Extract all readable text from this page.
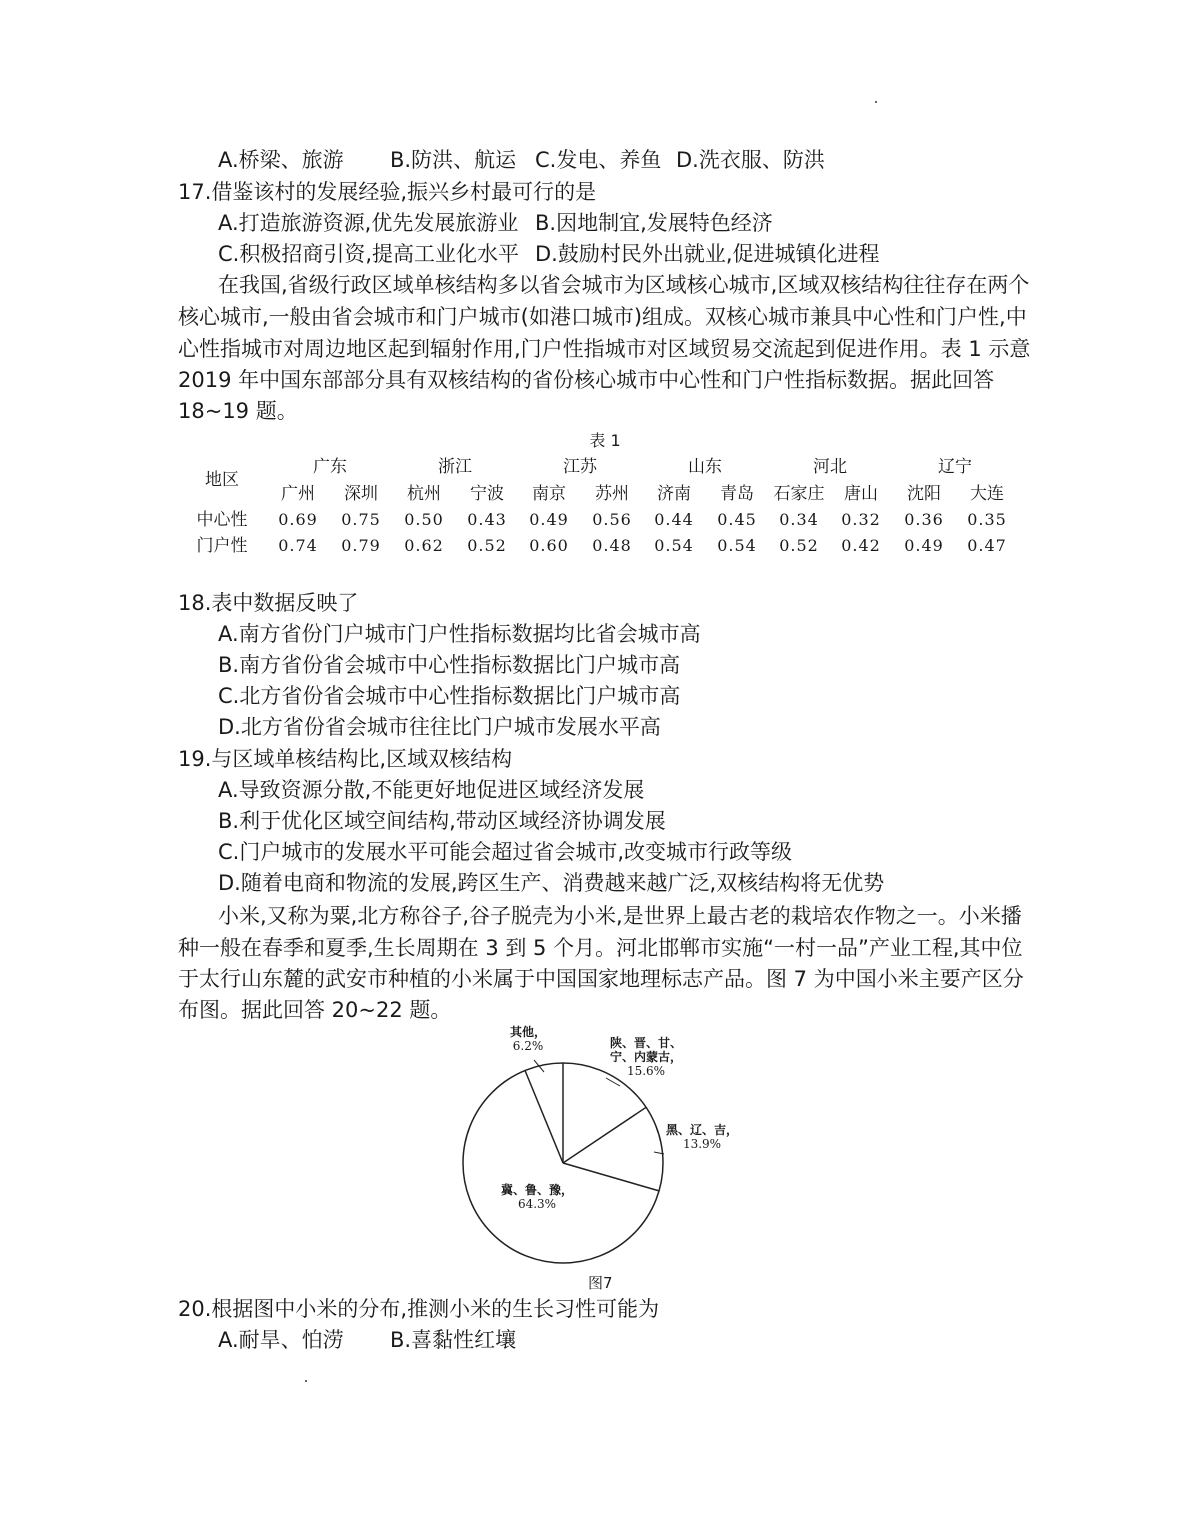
A.桥梁、旅游 B.防洪、航运 C.发电、养鱼 D.洗衣服、防洪
17.借鉴该村的发展经验,振兴乡村最可行的是
A.打造旅游资源,优先发展旅游业 B.因地制宜,发展特色经济
C.积极招商引资,提高工业化水平 D.鼓励村民外出就业,促进城镇化进程
在我国,省级行政区域单核结构多以省会城市为区域核心城市,区域双核结构往往存在两个
核心城市,一般由省会城市和门户城市(如港口城市)组成。双核心城市兼具中心性和门户性,中
心性指城市对周边地区起到辐射作用,门户性指城市对区域贸易交流起到促进作用。表 1 示意
2019 年中国东部部分具有双核结构的省份核心城市中心性和门户性指标数据。据此回答
18~19 题。
表 1
地区
广东	浙江	江苏	山东	河北	辽宁
广州 深圳 杭州 宁波 南京 苏州 济南 青岛 石家庄 唐山 沈阳 大连
中心性 0.69 0.75 0.50 0.43 0.49 0.56 0.44 0.45 0.34 0.32 0.36 0.35
门户性 0.74 0.79 0.62 0.52 0.60 0.48 0.54 0.54 0.52 0.42 0.49 0.47
18.表中数据反映了
A.南方省份门户城市门户性指标数据均比省会城市高
B.南方省份省会城市中心性指标数据比门户城市高
C.北方省份省会城市中心性指标数据比门户城市高
D.北方省份省会城市往往比门户城市发展水平高
19.与区域单核结构比,区域双核结构
A.导致资源分散,不能更好地促进区域经济发展
B.利于优化区域空间结构,带动区域经济协调发展
C.门户城市的发展水平可能会超过省会城市,改变城市行政等级
D.随着电商和物流的发展,跨区生产、消费越来越广泛,双核结构将无优势
小米,又称为粟,北方称谷子,谷子脱壳为小米,是世界上最古老的栽培农作物之一。小米播
种一般在春季和夏季,生长周期在 3 到 5 个月。河北邯郸市实施“一村一品”产业工程,其中位
于太行山东麓的武安市种植的小米属于中国国家地理标志产品。图 7 为中国小米主要产区分
布图。据此回答 20~22 题。
其他，
6.2%	陕、晋、甘、
宁、内蒙古，
15.6%
黑、辽、吉，
13.9%
冀、鲁、豫，
64.3%
图7
20.根据图中小米的分布,推测小米的生长习性可能为
A.耐旱、怕涝 B.喜黏性红壤
